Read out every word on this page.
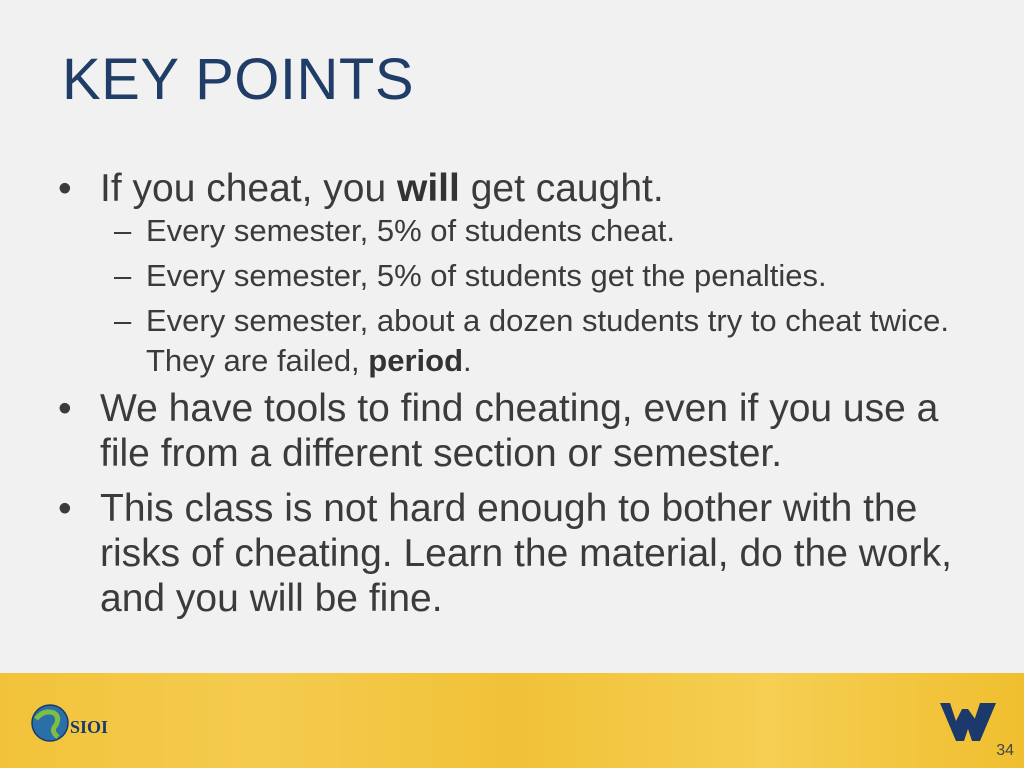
KEY POINTS
• If you cheat, you will get caught.
– Every semester, 5% of students cheat.
– Every semester, 5% of students get the penalties.
– Every semester, about a dozen students try to cheat twice. They are failed, period.
• We have tools to find cheating, even if you use a file from a different section or semester.
• This class is not hard enough to bother with the risks of cheating. Learn the material, do the work, and you will be fine.
SIOI
34
